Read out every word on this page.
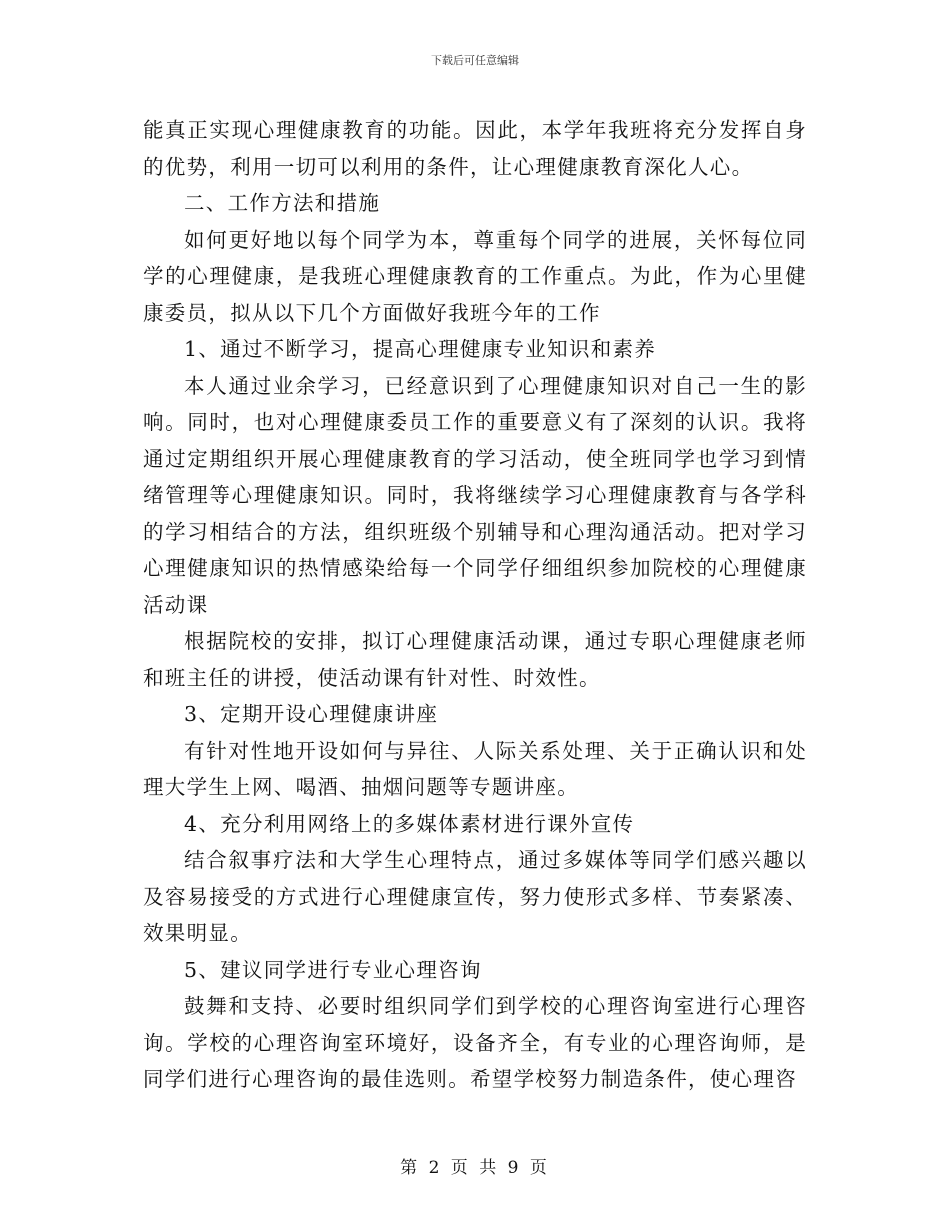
下载后可任意编辑

能真正实现心理健康教育的功能。因此，本学年我班将充分发挥自身的优势，利用一切可以利用的条件，让心理健康教育深化人心。

二、工作方法和措施

如何更好地以每个同学为本，尊重每个同学的进展，关怀每位同学的心理健康，是我班心理健康教育的工作重点。为此，作为心里健康委员，拟从以下几个方面做好我班今年的工作

1、通过不断学习，提高心理健康专业知识和素养

本人通过业余学习，已经意识到了心理健康知识对自己一生的影响。同时，也对心理健康委员工作的重要意义有了深刻的认识。我将通过定期组织开展心理健康教育的学习活动，使全班同学也学习到情绪管理等心理健康知识。同时，我将继续学习心理健康教育与各学科的学习相结合的方法，组织班级个别辅导和心理沟通活动。把对学习心理健康知识的热情感染给每一个同学仔细组织参加院校的心理健康活动课

根据院校的安排，拟订心理健康活动课，通过专职心理健康老师和班主任的讲授，使活动课有针对性、时效性。

3、定期开设心理健康讲座

有针对性地开设如何与异往、人际关系处理、关于正确认识和处理大学生上网、喝酒、抽烟问题等专题讲座。

4、充分利用网络上的多媒体素材进行课外宣传

结合叙事疗法和大学生心理特点，通过多媒体等同学们感兴趣以及容易接受的方式进行心理健康宣传，努力使形式多样、节奏紧凑、效果明显。

5、建议同学进行专业心理咨询

鼓舞和支持、必要时组织同学们到学校的心理咨询室进行心理咨询。学校的心理咨询室环境好，设备齐全，有专业的心理咨询师，是同学们进行心理咨询的最佳选则。希望学校努力制造条件，使心理咨

第 2 页 共 9 页
